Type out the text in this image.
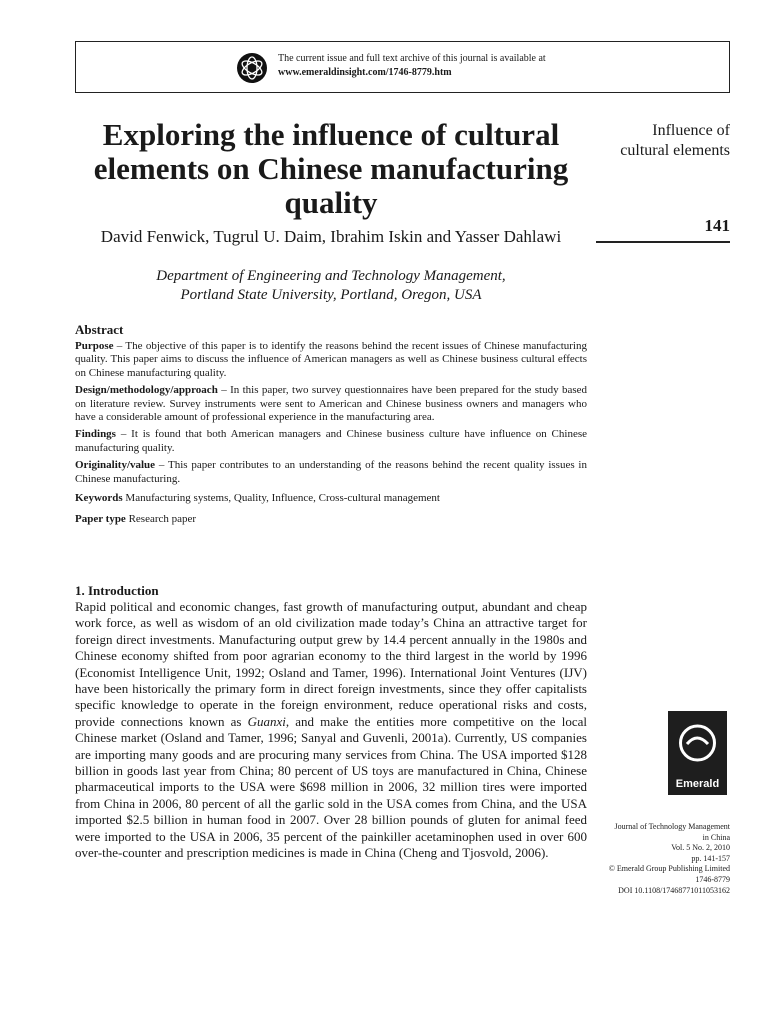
The current issue and full text archive of this journal is available at
www.emeraldinsight.com/1746-8779.htm
Exploring the influence of cultural elements on Chinese manufacturing quality
David Fenwick, Tugrul U. Daim, Ibrahim Iskin and Yasser Dahlawi
Department of Engineering and Technology Management,
Portland State University, Portland, Oregon, USA
Influence of cultural elements
141
Abstract

Purpose – The objective of this paper is to identify the reasons behind the recent issues of Chinese manufacturing quality. This paper aims to discuss the influence of American managers as well as Chinese business cultural effects on Chinese manufacturing quality.

Design/methodology/approach – In this paper, two survey questionnaires have been prepared for the study based on literature review. Survey instruments were sent to American and Chinese business owners and managers who have a considerable amount of professional experience in the manufacturing area.

Findings – It is found that both American managers and Chinese business culture have influence on Chinese manufacturing quality.

Originality/value – This paper contributes to an understanding of the reasons behind the recent quality issues in Chinese manufacturing.

Keywords Manufacturing systems, Quality, Influence, Cross-cultural management

Paper type Research paper

1. Introduction

Rapid political and economic changes, fast growth of manufacturing output, abundant and cheap work force, as well as wisdom of an old civilization made today’s China an attractive target for foreign direct investments. Manufacturing output grew by 14.4 percent annually in the 1980s and Chinese economy shifted from poor agrarian economy to the third largest in the world by 1996 (Economist Intelligence Unit, 1992; Osland and Tamer, 1996). International Joint Ventures (IJV) have been historically the primary form in direct foreign investments, since they offer capitalists specific knowledge to operate in the foreign environment, reduce operational risks and costs, provide connections known as Guanxi, and make the entities more competitive on the local Chinese market (Osland and Tamer, 1996; Sanyal and Guvenli, 2001a). Currently, US companies are importing many goods and are procuring many services from China. The USA imported $128 billion in goods last year from China; 80 percent of US toys are manufactured in China, Chinese pharmaceutical imports to the USA were $698 million in 2006, 32 million tires were imported from China in 2006, 80 percent of all the garlic sold in the USA comes from China, and the USA imported $2.5 billion in human food in 2007. Over 28 billion pounds of gluten for animal feed were imported to the USA in 2006, 35 percent of the painkiller acetaminophen used in over 600 over-the-counter and prescription medicines is made in China (Cheng and Tjosvold, 2006).

Emerald
Journal of Technology Management
in China
Vol. 5 No. 2, 2010
pp. 141-157
© Emerald Group Publishing Limited
1746-8779
DOI 10.1108/17468771011053162
